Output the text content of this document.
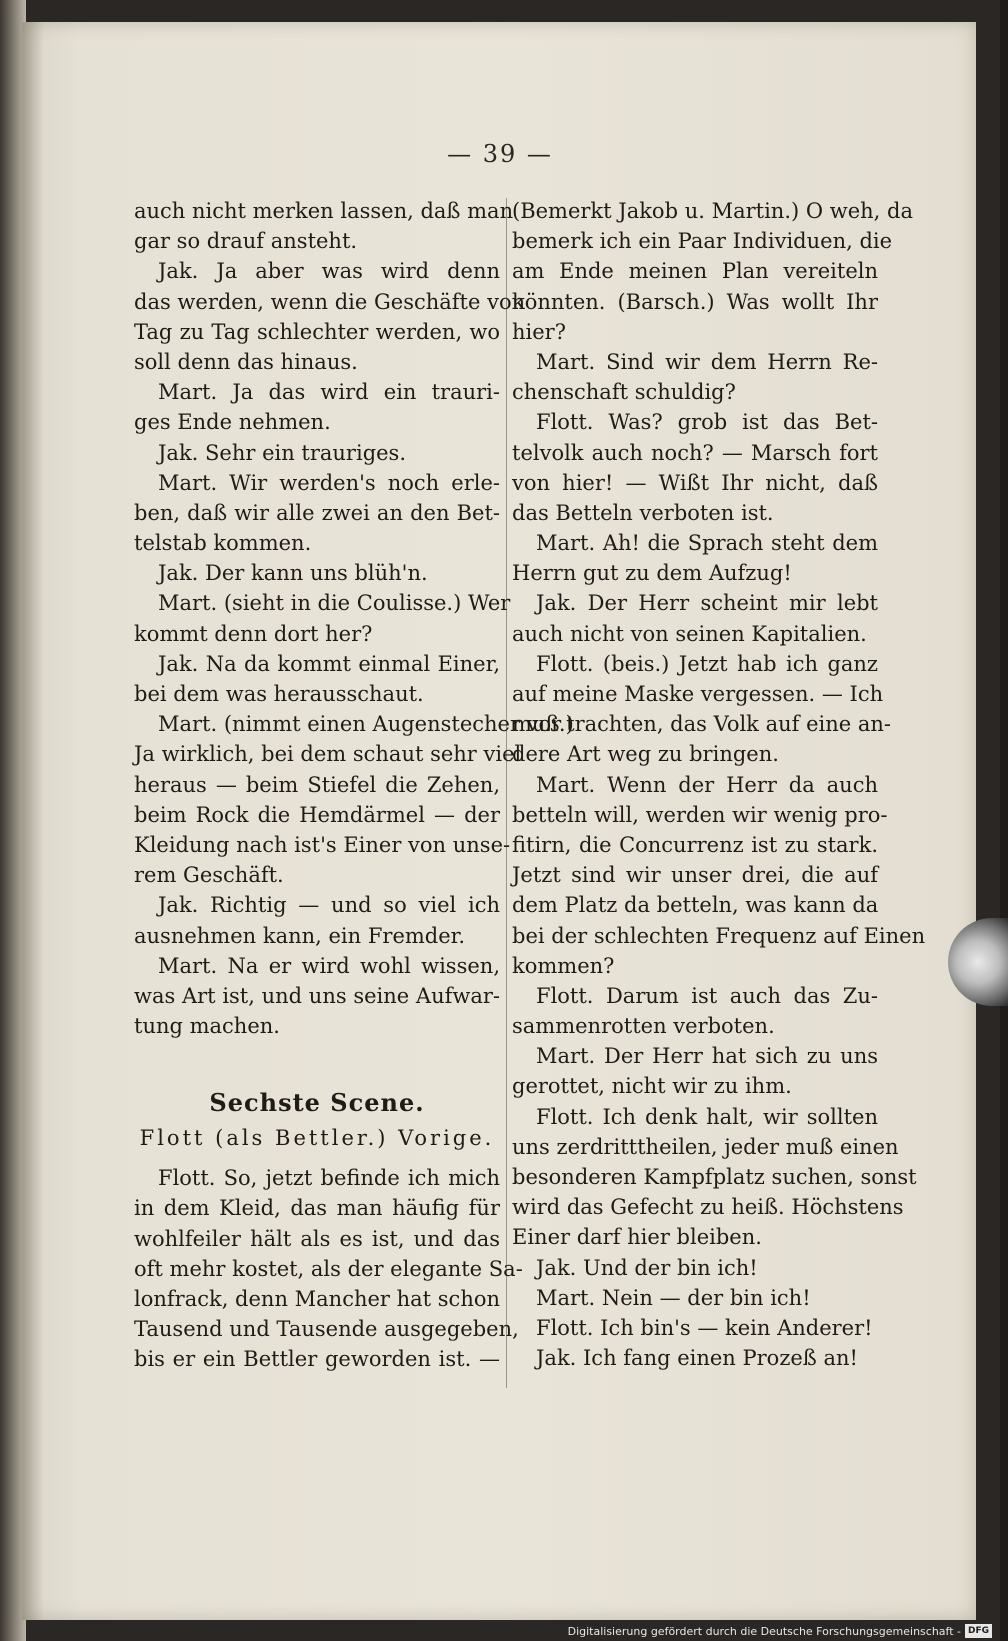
— 39 —
auch nicht merken lassen, daß man
gar so drauf ansteht.
Jak. Ja aber was wird denn
das werden, wenn die Geschäfte von
Tag zu Tag schlechter werden, wo
soll denn das hinaus.
Mart. Ja das wird ein trauri-
ges Ende nehmen.
Jak. Sehr ein trauriges.
Mart. Wir werden's noch erle-
ben, daß wir alle zwei an den Bet-
telstab kommen.
Jak. Der kann uns blüh'n.
Mart. (sieht in die Coulisse.) Wer
kommt denn dort her?
Jak. Na da kommt einmal Einer,
bei dem was herausschaut.
Mart. (nimmt einen Augenstecher vor.)
Ja wirklich, bei dem schaut sehr viel
heraus — beim Stiefel die Zehen,
beim Rock die Hemdärmel — der
Kleidung nach ist's Einer von unse-
rem Geschäft.
Jak. Richtig — und so viel ich
ausnehmen kann, ein Fremder.
Mart. Na er wird wohl wissen,
was Art ist, und uns seine Aufwar-
tung machen.
Sechste Scene.
Flott (als Bettler.) Vorige.
Flott. So, jetzt befinde ich mich
in dem Kleid, das man häufig für
wohlfeiler hält als es ist, und das
oft mehr kostet, als der elegante Sa-
lonfrack, denn Mancher hat schon
Tausend und Tausende ausgegeben,
bis er ein Bettler geworden ist. —
(Bemerkt Jakob u. Martin.) O weh, da
bemerk ich ein Paar Individuen, die
am Ende meinen Plan vereiteln
könnten. (Barsch.) Was wollt Ihr
hier?
Mart. Sind wir dem Herrn Re-
chenschaft schuldig?
Flott. Was? grob ist das Bet-
telvolk auch noch? — Marsch fort
von hier! — Wißt Ihr nicht, daß
das Betteln verboten ist.
Mart. Ah! die Sprach steht dem
Herrn gut zu dem Aufzug!
Jak. Der Herr scheint mir lebt
auch nicht von seinen Kapitalien.
Flott. (beis.) Jetzt hab ich ganz
auf meine Maske vergessen. — Ich
muß trachten, das Volk auf eine an-
dere Art weg zu bringen.
Mart. Wenn der Herr da auch
betteln will, werden wir wenig pro-
fitirn, die Concurrenz ist zu stark.
Jetzt sind wir unser drei, die auf
dem Platz da betteln, was kann da
bei der schlechten Frequenz auf Einen
kommen?
Flott. Darum ist auch das Zu-
sammenrotten verboten.
Mart. Der Herr hat sich zu uns
gerottet, nicht wir zu ihm.
Flott. Ich denk halt, wir sollten
uns zerdritttheilen, jeder muß einen
besonderen Kampfplatz suchen, sonst
wird das Gefecht zu heiß. Höchstens
Einer darf hier bleiben.
Jak. Und der bin ich!
Mart. Nein — der bin ich!
Flott. Ich bin's — kein Anderer!
Jak. Ich fang einen Prozeß an!
Digitalisierung gefördert durch die Deutsche Forschungsgemeinschaft - DFG
